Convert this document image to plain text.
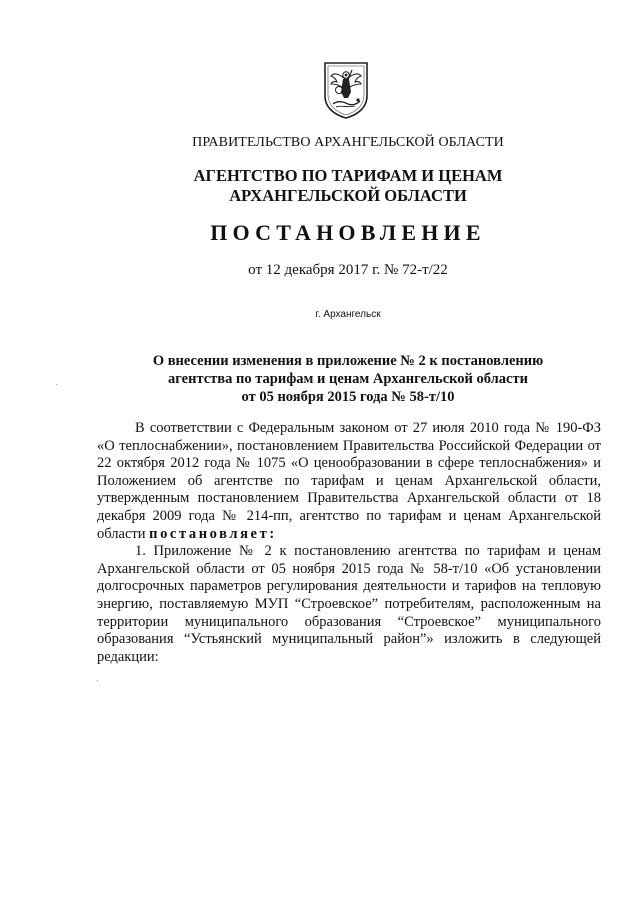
ПРАВИТЕЛЬСТВО АРХАНГЕЛЬСКОЙ ОБЛАСТИ
АГЕНТСТВО ПО ТАРИФАМ И ЦЕНАМ
АРХАНГЕЛЬСКОЙ ОБЛАСТИ
ПОСТАНОВЛЕНИЕ
от 12 декабря 2017 г. № 72-т/22
г. Архангельск
О внесении изменения в приложение № 2 к постановлению
агентства по тарифам и ценам Архангельской области
от 05 ноября 2015 года № 58-т/10

В соответствии с Федеральным законом от 27 июля 2010 года № 190-ФЗ «О теплоснабжении», постановлением Правительства Российской Федерации от 22 октября 2012 года № 1075 «О ценообразовании в сфере теплоснабжения» и Положением об агентстве по тарифам и ценам Архангельской области, утвержденным постановлением Правительства Архангельской области от 18 декабря 2009 года № 214-пп, агентство по тарифам и ценам Архангельской области постановляет:

1. Приложение № 2 к постановлению агентства по тарифам и ценам Архангельской области от 05 ноября 2015 года № 58-т/10 «Об установлении долгосрочных параметров регулирования деятельности и тарифов на тепловую энергию, поставляемую МУП “Строевское” потребителям, расположенным на территории муниципального образования “Строевское” муниципального образования “Устьянский муниципальный район”» изложить в следующей редакции:
